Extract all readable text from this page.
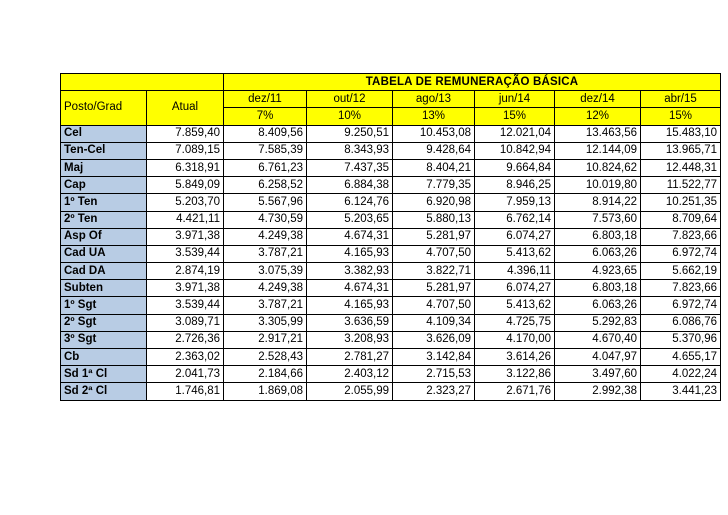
		TABELA DE REMUNERAÇÃO BÁSICA					
Posto/Grad	Atual	dez/11	out/12	ago/13	jun/14	dez/14	abr/15
		7%	10%	13%	15%	12%	15%
Cel	7.859,40	8.409,56	9.250,51	10.453,08	12.021,04	13.463,56	15.483,10
Ten-Cel	7.089,15	7.585,39	8.343,93	9.428,64	10.842,94	12.144,09	13.965,71
Maj	6.318,91	6.761,23	7.437,35	8.404,21	9.664,84	10.824,62	12.448,31
Cap	5.849,09	6.258,52	6.884,38	7.779,35	8.946,25	10.019,80	11.522,77
1º Ten	5.203,70	5.567,96	6.124,76	6.920,98	7.959,13	8.914,22	10.251,35
2º Ten	4.421,11	4.730,59	5.203,65	5.880,13	6.762,14	7.573,60	8.709,64
Asp Of	3.971,38	4.249,38	4.674,31	5.281,97	6.074,27	6.803,18	7.823,66
Cad UA	3.539,44	3.787,21	4.165,93	4.707,50	5.413,62	6.063,26	6.972,74
Cad DA	2.874,19	3.075,39	3.382,93	3.822,71	4.396,11	4.923,65	5.662,19
Subten	3.971,38	4.249,38	4.674,31	5.281,97	6.074,27	6.803,18	7.823,66
1º Sgt	3.539,44	3.787,21	4.165,93	4.707,50	5.413,62	6.063,26	6.972,74
2º Sgt	3.089,71	3.305,99	3.636,59	4.109,34	4.725,75	5.292,83	6.086,76
3º Sgt	2.726,36	2.917,21	3.208,93	3.626,09	4.170,00	4.670,40	5.370,96
Cb	2.363,02	2.528,43	2.781,27	3.142,84	3.614,26	4.047,97	4.655,17
Sd 1ª Cl	2.041,73	2.184,66	2.403,12	2.715,53	3.122,86	3.497,60	4.022,24
Sd 2ª Cl	1.746,81	1.869,08	2.055,99	2.323,27	2.671,76	2.992,38	3.441,23
